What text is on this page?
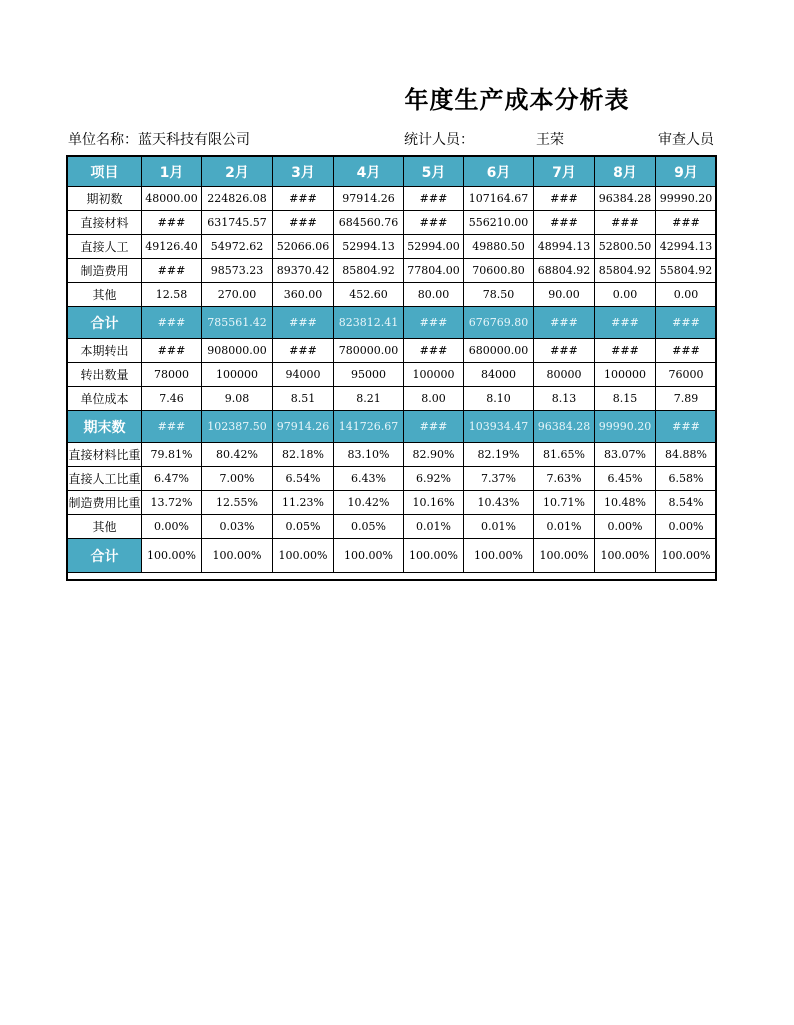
年度生产成本分析表
单位名称：蓝天科技有限公司	统计人员：	王荣	审查人员
项目	1月	2月	3月	4月	5月	6月	7月	8月	9月
期初数	48000.00	224826.08	###	97914.26	###	107164.67	###	96384.28	99990.20
直接材料	###	631745.57	###	684560.76	###	556210.00	###	###	###
直接人工	49126.40	54972.62	52066.06	52994.13	52994.00	49880.50	48994.13	52800.50	42994.13
制造费用	###	98573.23	89370.42	85804.92	77804.00	70600.80	68804.92	85804.92	55804.92
其他	12.58	270.00	360.00	452.60	80.00	78.50	90.00	0.00	0.00
合计	###	785561.42	###	823812.41	###	676769.80	###	###	###
本期转出	###	908000.00	###	780000.00	###	680000.00	###	###	###
转出数量	78000	100000	94000	95000	100000	84000	80000	100000	76000
单位成本	7.46	9.08	8.51	8.21	8.00	8.10	8.13	8.15	7.89
期末数	###	102387.50	97914.26	141726.67	###	103934.47	96384.28	99990.20	###
直接材料比重	79.81%	80.42%	82.18%	83.10%	82.90%	82.19%	81.65%	83.07%	84.88%
直接人工比重	6.47%	7.00%	6.54%	6.43%	6.92%	7.37%	7.63%	6.45%	6.58%
制造费用比重	13.72%	12.55%	11.23%	10.42%	10.16%	10.43%	10.71%	10.48%	8.54%
其他	0.00%	0.03%	0.05%	0.05%	0.01%	0.01%	0.01%	0.00%	0.00%
合计	100.00%	100.00%	100.00%	100.00%	100.00%	100.00%	100.00%	100.00%	100.00%
